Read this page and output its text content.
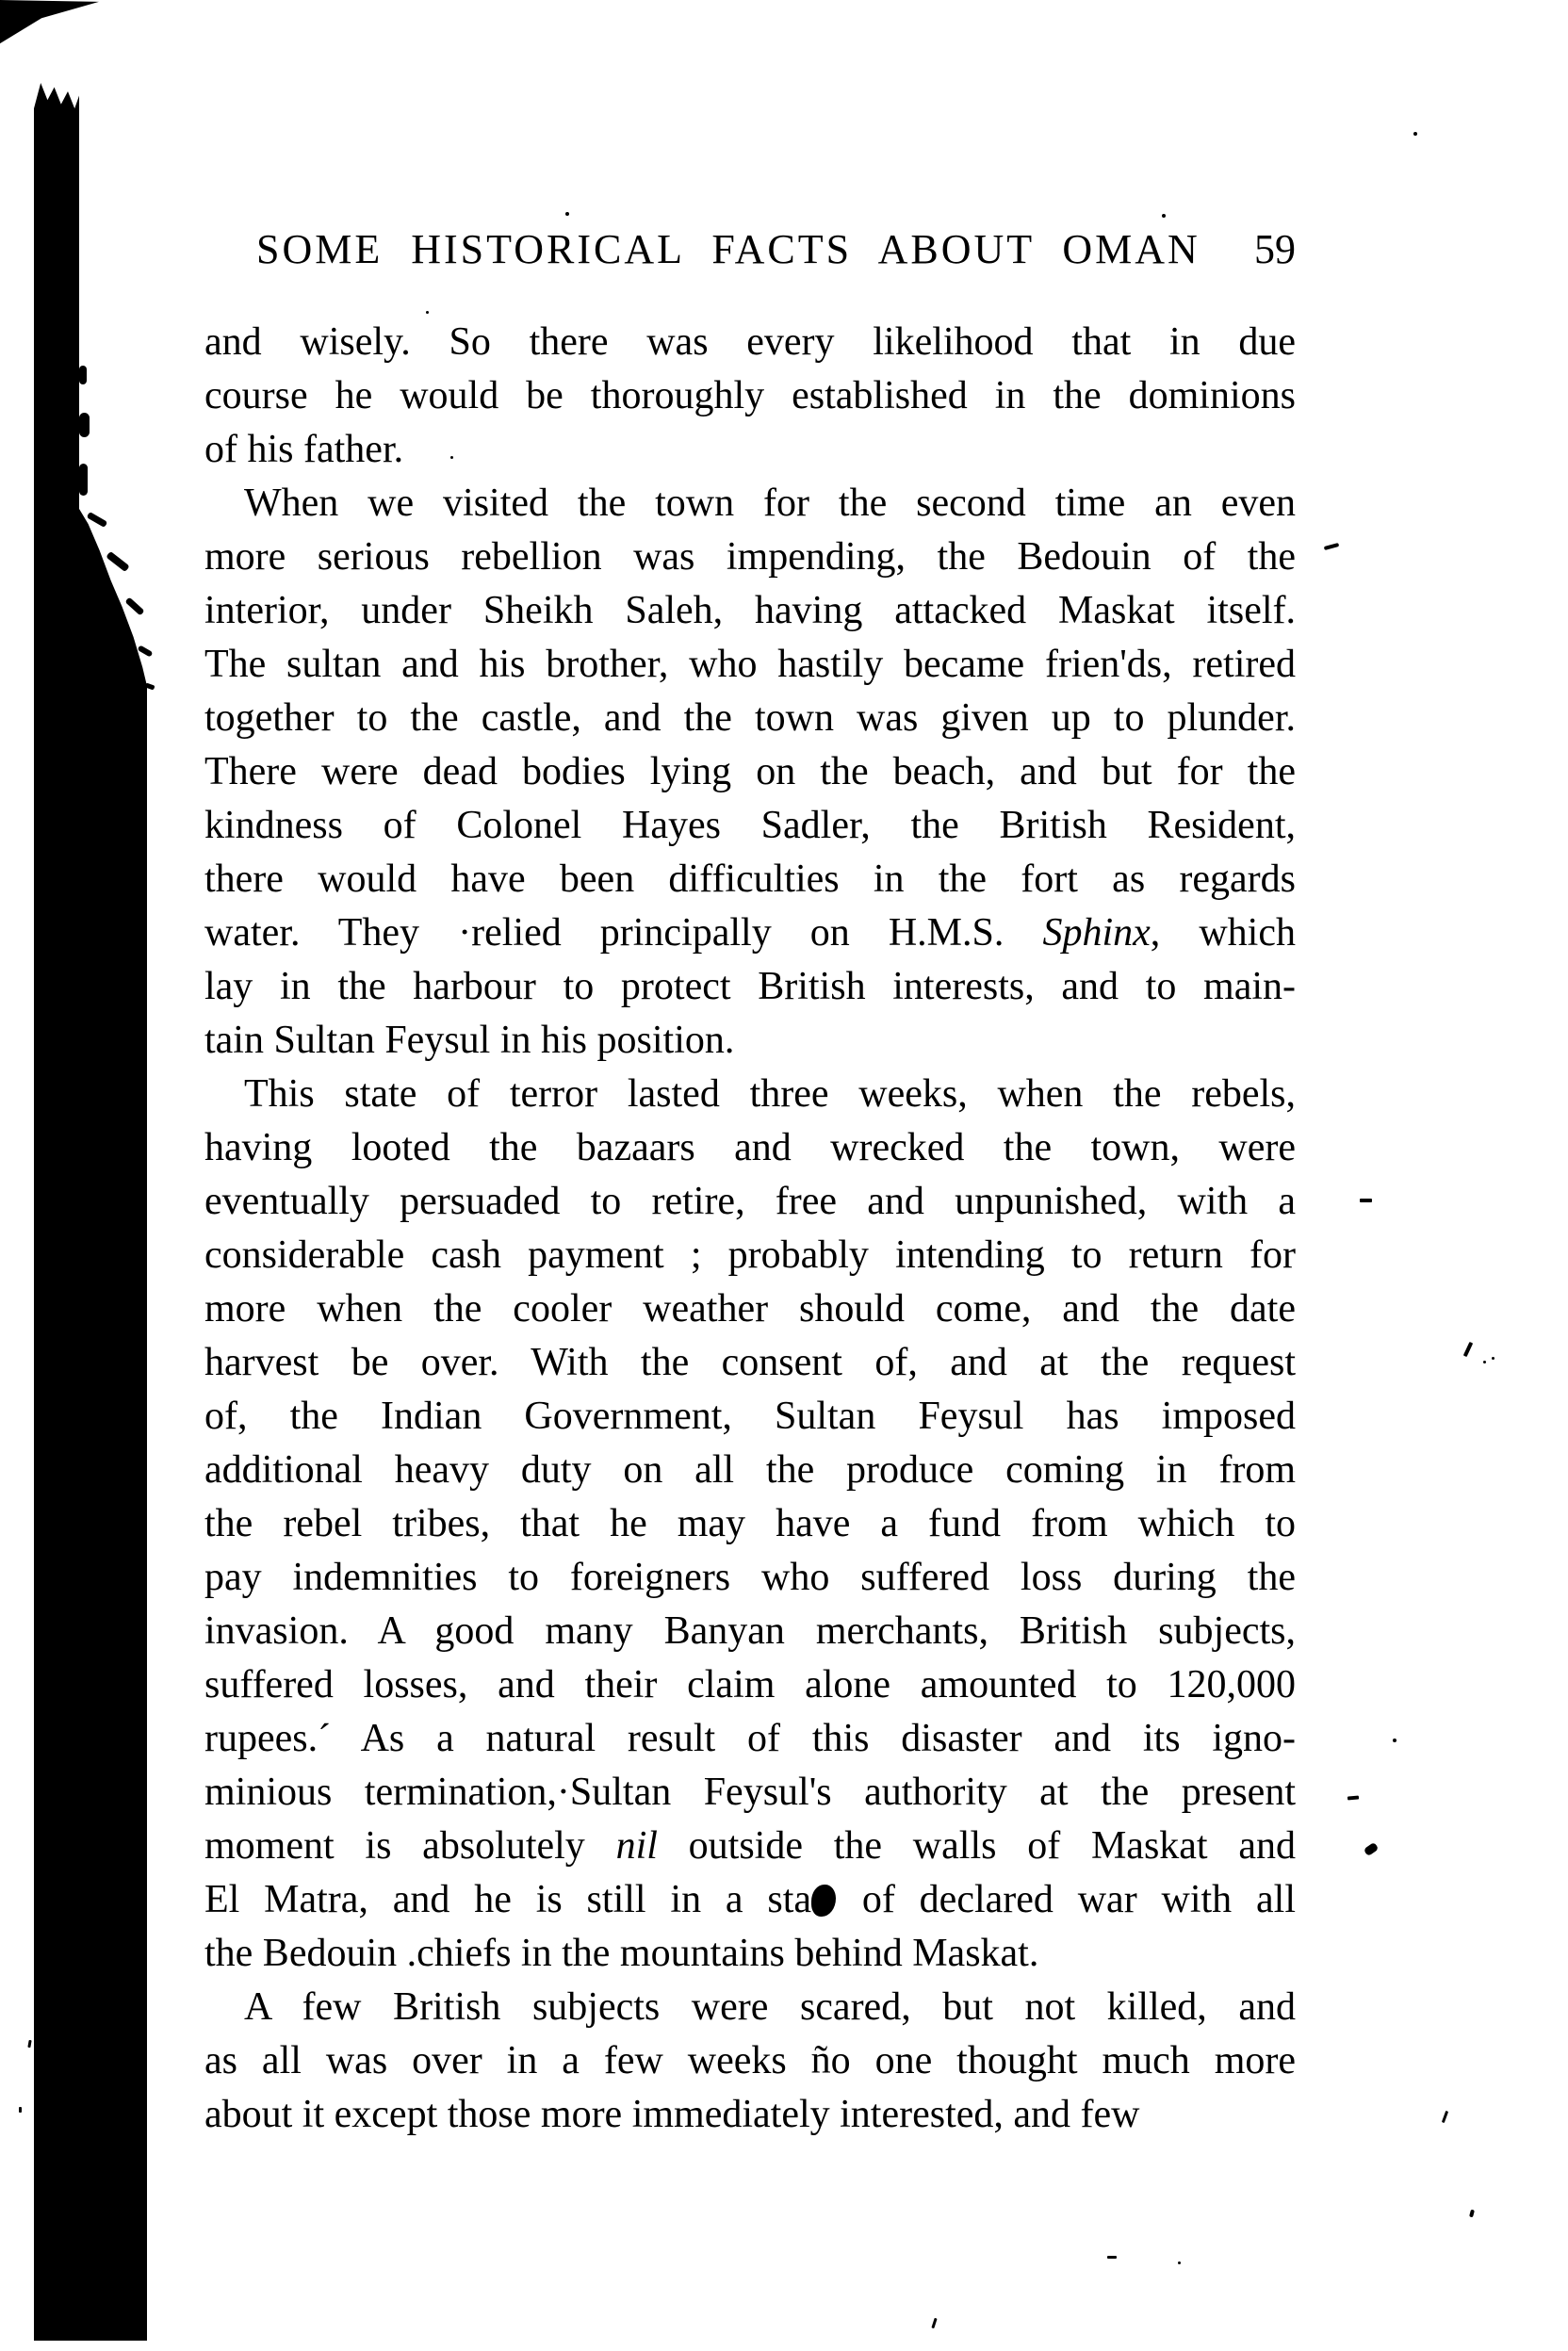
SOME HISTORICAL FACTS ABOUT OMAN 59
and wisely. So there was every likelihood that in due
course he would be thoroughly established in the dominions
of his father.
When we visited the town for the second time an even
more serious rebellion was impending, the Bedouin of the
interior, under Sheikh Saleh, having attacked Maskat itself.
The sultan and his brother, who hastily became frien'ds, retired
together to the castle, and the town was given up to plunder.
There were dead bodies lying on the beach, and but for the
kindness of Colonel Hayes Sadler, the British Resident,
there would have been difficulties in the fort as regards
water. They ·relied principally on H.M.S. Sphinx, which
lay in the harbour to protect British interests, and to main-
tain Sultan Feysul in his position.
This state of terror lasted three weeks, when the rebels,
having looted the bazaars and wrecked the town, were
eventually persuaded to retire, free and unpunished, with a
considerable cash payment ; probably intending to return for
more when the cooler weather should come, and the date
harvest be over. With the consent of, and at the request
of, the Indian Government, Sultan Feysul has imposed
additional heavy duty on all the produce coming in from
the rebel tribes, that he may have a fund from which to
pay indemnities to foreigners who suffered loss during the
invasion. A good many Banyan merchants, British subjects,
suffered losses, and their claim alone amounted to 120,000
rupees.´ As a natural result of this disaster and its igno-
minious termination,·Sultan Feysul's authority at the present
moment is absolutely nil outside the walls of Maskat and
El Matra, and he is still in a sta of declared war with all
the Bedouin .chiefs in the mountains behind Maskat.
A few British subjects were scared, but not killed, and
as all was over in a few weeks ño one thought much more
about it except those more immediately interested, and few
